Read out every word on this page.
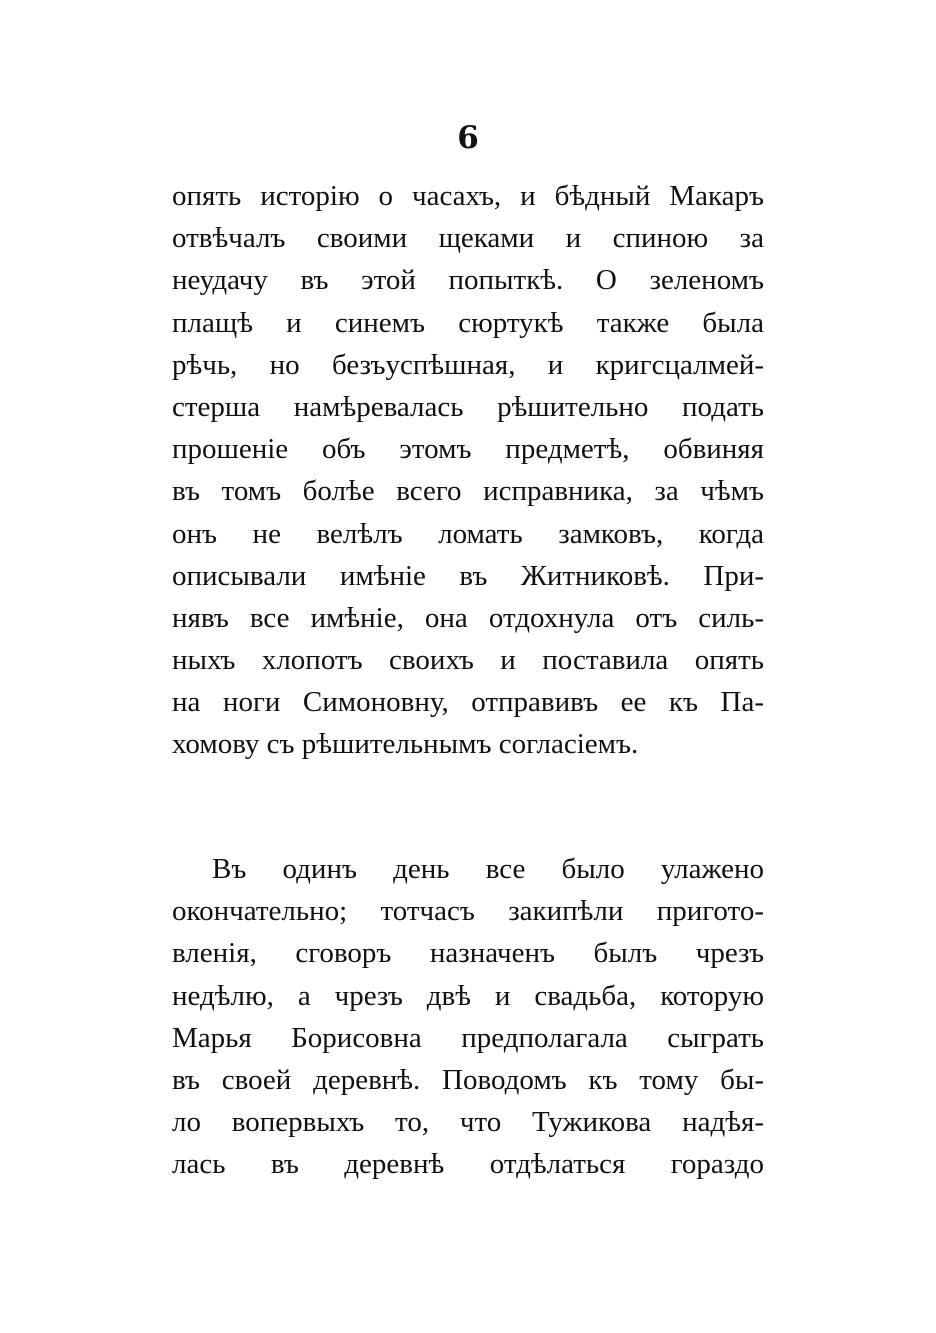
6
опять исторію о часахъ, и бѣдный Макаръ
отвѣчалъ своими щеками и спиною за
неудачу въ этой попыткѣ. О зеленомъ
плащѣ и синемъ сюртукѣ также была
рѣчь, но безъуспѣшная, и кригсцалмей-
стерша намѣревалась рѣшительно подать
прошеніе объ этомъ предметѣ, обвиняя
въ томъ болѣе всего исправника, за чѣмъ
онъ не велѣлъ ломать замковъ, когда
описывали имѣніе въ Житниковѣ. При-
нявъ все имѣніе, она отдохнула отъ силь-
ныхъ хлопотъ своихъ и поставила опять
на ноги Симоновну, отправивъ ее къ Па-
хомову съ рѣшительнымъ согласіемъ.
Въ одинъ день все было улажено
окончательно; тотчасъ закипѣли пригото-
вленія, сговоръ назначенъ былъ чрезъ
недѣлю, а чрезъ двѣ и свадьба, которую
Марья Борисовна предполагала сыграть
въ своей деревнѣ. Поводомъ къ тому бы-
ло вопервыхъ то, что Тужикова надѣя-
лась въ деревнѣ отдѣлаться гораздо
